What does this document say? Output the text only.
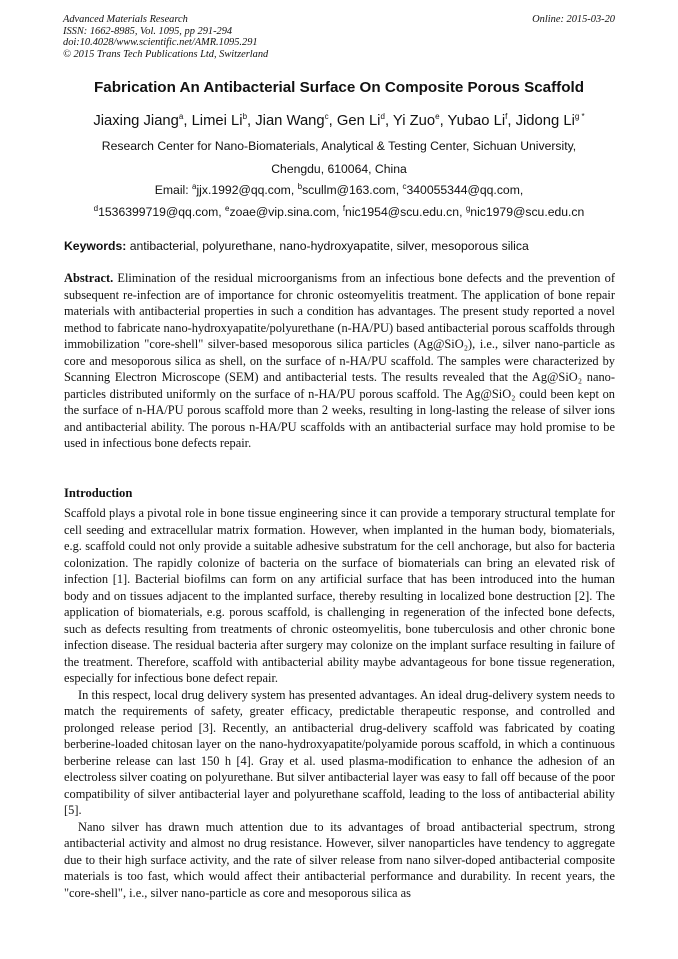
Advanced Materials Research
ISSN: 1662-8985, Vol. 1095, pp 291-294
doi:10.4028/www.scientific.net/AMR.1095.291
© 2015 Trans Tech Publications Ltd, Switzerland
Online: 2015-03-20
Fabrication An Antibacterial Surface On Composite Porous Scaffold
Jiaxing Jiang$^a$, Limei Li$^b$, Jian Wang$^c$, Gen Li$^d$, Yi Zuo$^e$, Yubao Li$^f$, Jidong $Li^{g *}$
Research Center for Nano-Biomaterials, Analytical & Testing Center, Sichuan University,
Chengdu, 610064, China
Email: $^a$jjx.1992@qq.com, $^b$scullm@163.com, $^c$340055344@qq.com,
$^d$1536399719@qq.com, $^e$zoae@vip.sina.com, $^f$nic1954@scu.edu.cn, $^g$nic1979@scu.edu.cn
Keywords: antibacterial, polyurethane, nano-hydroxyapatite, silver, mesoporous silica

Abstract. Elimination of the residual microorganisms from an infectious bone defects and the prevention of subsequent re-infection are of importance for chronic osteomyelitis treatment. The application of bone repair materials with antibacterial properties in such a condition has advantages. The present study reported a novel method to fabricate nano-hydroxyapatite/polyurethane (n-HA/PU) based antibacterial porous scaffolds through immobilization "core-shell" silver-based mesoporous silica particles (Ag@SiO₂), i.e., silver nano-particle as core and mesoporous silica as shell, on the surface of n-HA/PU scaffold. The samples were characterized by Scanning Electron Microscope (SEM) and antibacterial tests. The results revealed that the Ag@SiO₂ nano-particles distributed uniformly on the surface of n-HA/PU porous scaffold. The Ag@SiO₂ could been kept on the surface of n-HA/PU porous scaffold more than 2 weeks, resulting in long-lasting the release of silver ions and antibacterial ability. The porous n-HA/PU scaffolds with an antibacterial surface may hold promise to be used in infectious bone defects repair.

Introduction

Scaffold plays a pivotal role in bone tissue engineering since it can provide a temporary structural template for cell seeding and extracellular matrix formation. However, when implanted in the human body, biomaterials, e.g. scaffold could not only provide a suitable adhesive substratum for the cell anchorage, but also for bacteria colonization. The rapidly colonize of bacteria on the surface of biomaterials can bring an elevated risk of infection [1]. Bacterial biofilms can form on any artificial surface that has been introduced into the human body and on tissues adjacent to the implanted surface, thereby resulting in localized bone destruction [2]. The application of biomaterials, e.g. porous scaffold, is challenging in regeneration of the infected bone defects, such as defects resulting from treatments of chronic osteomyelitis, bone tuberculosis and other chronic bone infection disease. The residual bacteria after surgery may colonize on the implant surface resulting in failure of the treatment. Therefore, scaffold with antibacterial ability maybe advantageous for bone tissue regeneration, especially for infectious bone defect repair.

In this respect, local drug delivery system has presented advantages. An ideal drug-delivery system needs to match the requirements of safety, greater efficacy, predictable therapeutic response, and controlled and prolonged release period [3]. Recently, an antibacterial drug-delivery scaffold was fabricated by coating berberine-loaded chitosan layer on the nano-hydroxyapatite/polyamide porous scaffold, in which a continuous berberine release can last 150 h [4]. Gray et al. used plasma-modification to enhance the adhesion of an electroless silver coating on polyurethane. But silver antibacterial layer was easy to fall off because of the poor compatibility of silver antibacterial layer and polyurethane scaffold, leading to the loss of antibacterial ability [5].

Nano silver has drawn much attention due to its advantages of broad antibacterial spectrum, strong antibacterial activity and almost no drug resistance. However, silver nanoparticles have tendency to aggregate due to their high surface activity, and the rate of silver release from nano silver-doped antibacterial composite materials is too fast, which would affect their antibacterial performance and durability. In recent years, the "core-shell", i.e., silver nano-particle as core and mesoporous silica as
